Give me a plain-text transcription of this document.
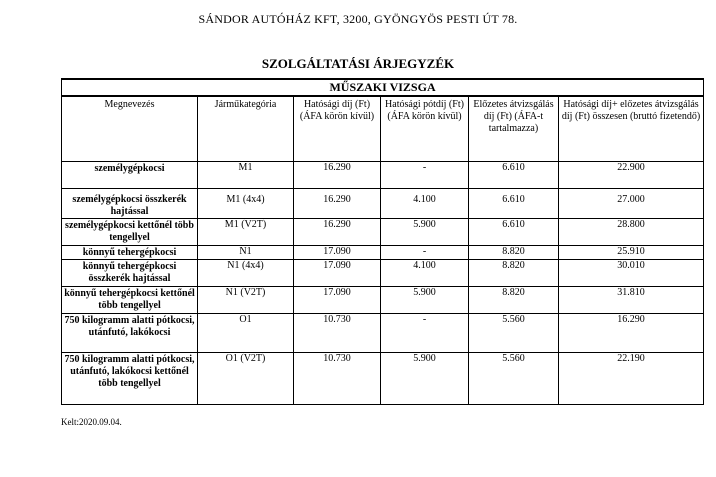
SÁNDOR AUTÓHÁZ KFT, 3200, GYÖNGYÖS PESTI ÚT 78.
SZOLGÁLTATÁSI ÁRJEGYZÉK
MŰSZAKI VIZSGA					
Megnevezés	Járműkategória	Hatósági díj (Ft) (ÁFA körön kívül)	Hatósági pótdíj (Ft) (ÁFA körön kívül)	Előzetes átvizsgálás díj (Ft) (ÁFA-t tartalmazza)	Hatósági díj+ előzetes átvizsgálás díj (Ft) összesen (bruttó fizetendő)
személygépkocsi	M1	16.290	-	6.610	22.900
személygépkocsi összkerék hajtással	M1 (4x4)	16.290	4.100	6.610	27.000
személygépkocsi kettőnél több tengellyel	M1 (V2T)	16.290	5.900	6.610	28.800
könnyű tehergépkocsi	N1	17.090	-	8.820	25.910
könnyű tehergépkocsi összkerék hajtással	N1 (4x4)	17.090	4.100	8.820	30.010
könnyű tehergépkocsi kettőnél több tengellyel	N1 (V2T)	17.090	5.900	8.820	31.810
750 kilogramm alatti pótkocsi, utánfutó, lakókocsi	O1	10.730	-	5.560	16.290
750 kilogramm alatti pótkocsi, utánfutó, lakókocsi kettőnél több tengellyel	O1 (V2T)	10.730	5.900	5.560	22.190
Kelt:2020.09.04.
